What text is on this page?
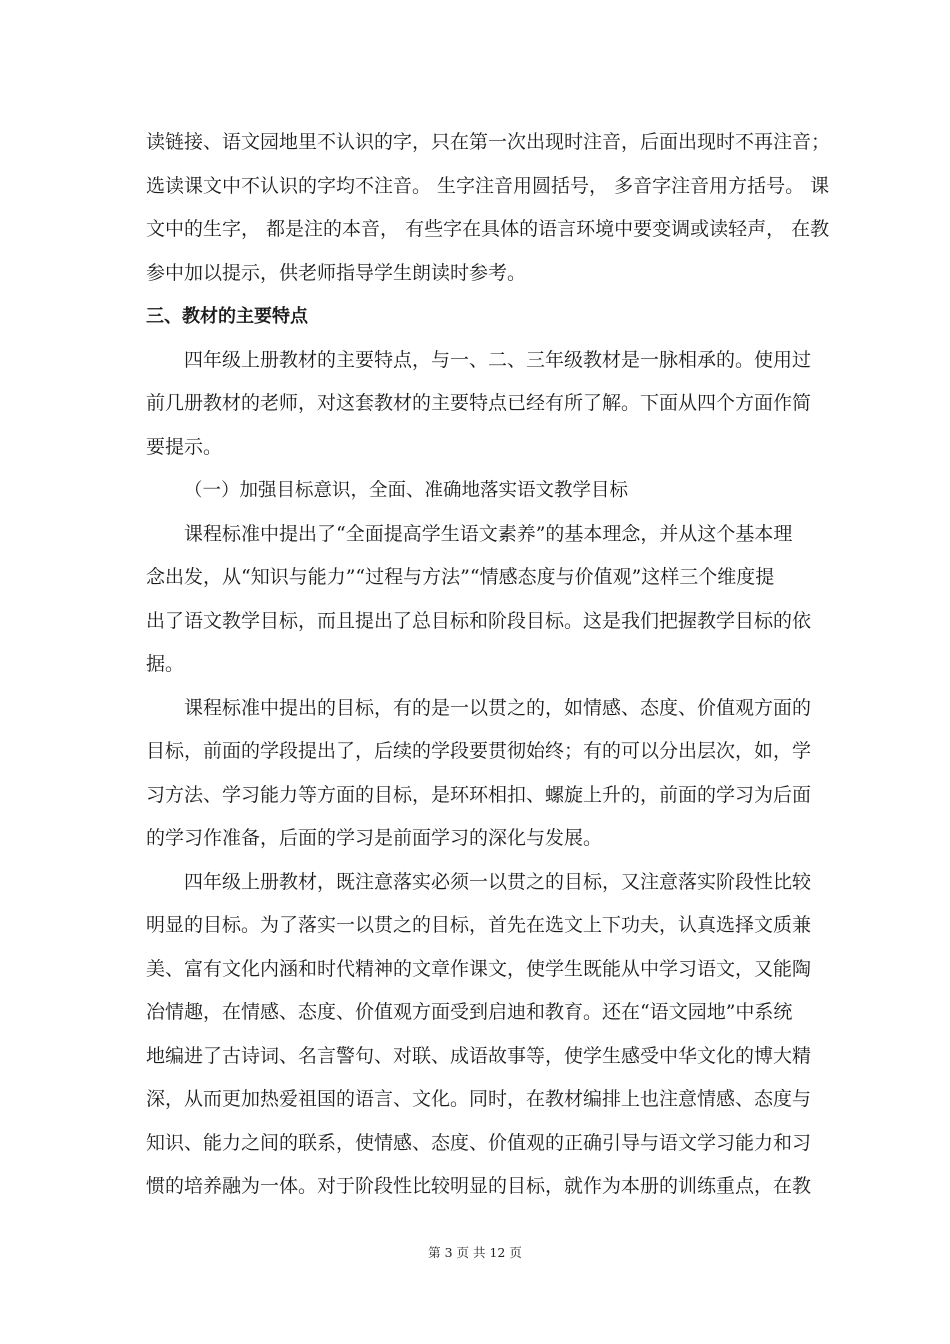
读链接、语文园地里不认识的字，只在第一次出现时注音，后面出现时不再注音；
选读课文中不认识的字均不注音。 生字注音用圆括号， 多音字注音用方括号。 课
文中的生字， 都是注的本音， 有些字在具体的语言环境中要变调或读轻声， 在教
参中加以提示，供老师指导学生朗读时参考。
三、教材的主要特点
四年级上册教材的主要特点，与一、二、三年级教材是一脉相承的。使用过
前几册教材的老师，对这套教材的主要特点已经有所了解。下面从四个方面作简
要提示。
（一）加强目标意识，全面、准确地落实语文教学目标
课程标准中提出了“全面提高学生语文素养”的基本理念，并从这个基本理
念出发，从“知识与能力”“过程与方法”“情感态度与价值观”这样三个维度提
出了语文教学目标，而且提出了总目标和阶段目标。这是我们把握教学目标的依
据。
课程标准中提出的目标，有的是一以贯之的，如情感、态度、价值观方面的
目标，前面的学段提出了，后续的学段要贯彻始终；有的可以分出层次，如，学
习方法、学习能力等方面的目标，是环环相扣、螺旋上升的，前面的学习为后面
的学习作准备，后面的学习是前面学习的深化与发展。
四年级上册教材，既注意落实必须一以贯之的目标，又注意落实阶段性比较
明显的目标。为了落实一以贯之的目标，首先在选文上下功夫，认真选择文质兼
美、富有文化内涵和时代精神的文章作课文，使学生既能从中学习语文，又能陶
冶情趣，在情感、态度、价值观方面受到启迪和教育。还在“语文园地”中系统
地编进了古诗词、名言警句、对联、成语故事等，使学生感受中华文化的博大精
深，从而更加热爱祖国的语言、文化。同时，在教材编排上也注意情感、态度与
知识、能力之间的联系，使情感、态度、价值观的正确引导与语文学习能力和习
惯的培养融为一体。对于阶段性比较明显的目标，就作为本册的训练重点，在教
第 3 页 共 12 页
